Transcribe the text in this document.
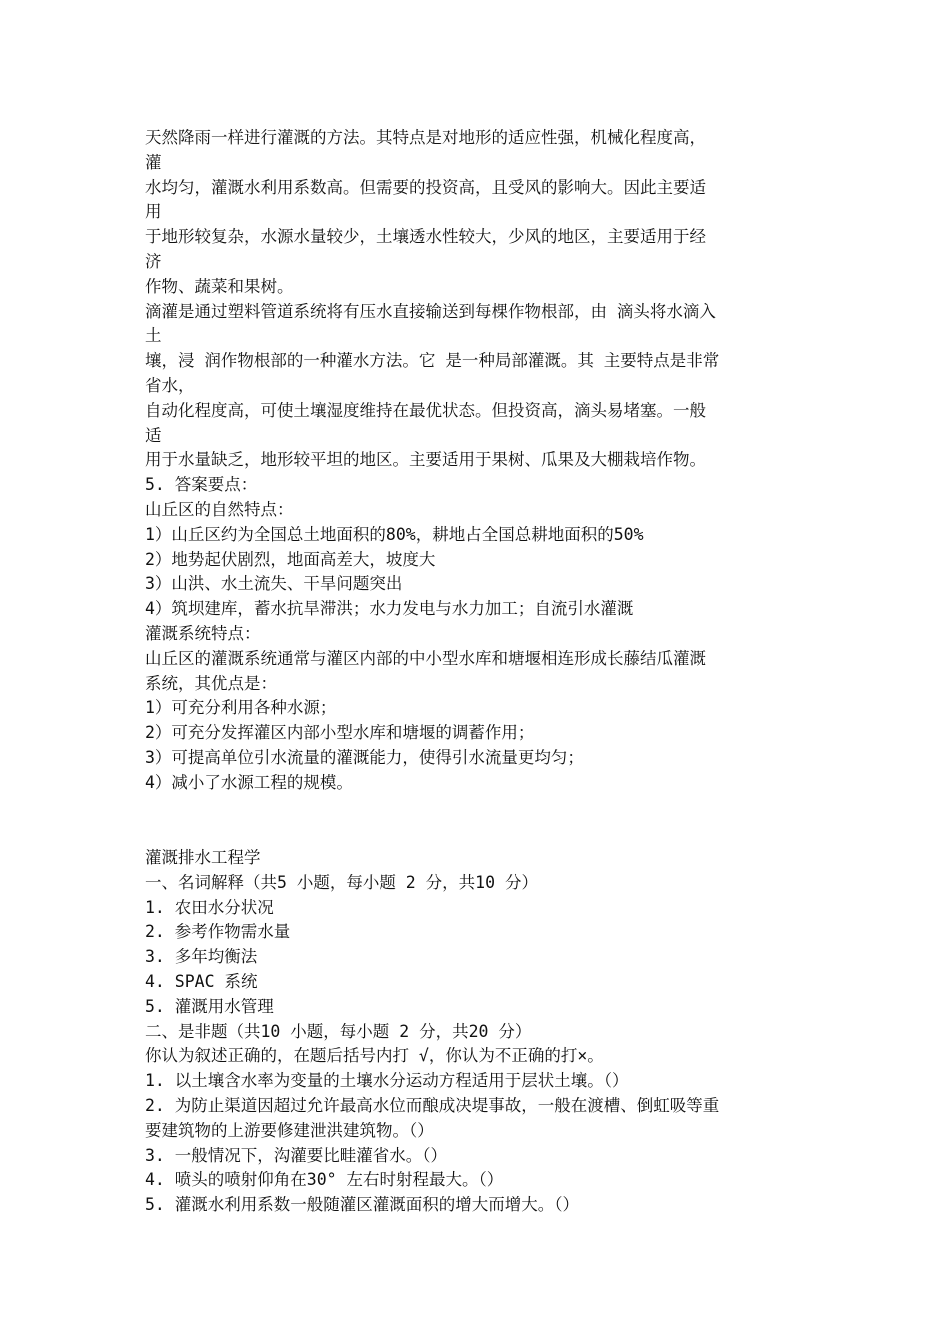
天然降雨一样进行灌溉的方法。其特点是对地形的适应性强，机械化程度高，
灌
水均匀，灌溉水利用系数高。但需要的投资高，且受风的影响大。因此主要适
用
于地形较复杂，水源水量较少，土壤透水性较大，少风的地区，主要适用于经
济
作物、蔬菜和果树。
滴灌是通过塑料管道系统将有压水直接输送到每棵作物根部，由 滴头将水滴入
土
壤，浸 润作物根部的一种灌水方法。它 是一种局部灌溉。其 主要特点是非常
省水，
自动化程度高，可使土壤湿度维持在最优状态。但投资高，滴头易堵塞。一般
适
用于水量缺乏，地形较平坦的地区。主要适用于果树、瓜果及大棚栽培作物。
5. 答案要点：
山丘区的自然特点：
1）山丘区约为全国总土地面积的80%，耕地占全国总耕地面积的50%
2）地势起伏剧烈，地面高差大，坡度大
3）山洪、水土流失、干旱问题突出
4）筑坝建库，蓄水抗旱滞洪；水力发电与水力加工；自流引水灌溉
灌溉系统特点：
山丘区的灌溉系统通常与灌区内部的中小型水库和塘堰相连形成长藤结瓜灌溉
系统，其优点是：
1）可充分利用各种水源；
2）可充分发挥灌区内部小型水库和塘堰的调蓄作用；
3）可提高单位引水流量的灌溉能力，使得引水流量更均匀；
4）减小了水源工程的规模。
灌溉排水工程学
一、名词解释（共5 小题，每小题 2 分，共10 分）
1. 农田水分状况
2. 参考作物需水量
3. 多年均衡法
4. SPAC 系统
5. 灌溉用水管理
二、是非题（共10 小题，每小题 2 分，共20 分）
你认为叙述正确的，在题后括号内打 √，你认为不正确的打×。
1. 以土壤含水率为变量的土壤水分运动方程适用于层状土壤。（）
2. 为防止渠道因超过允许最高水位而酿成决堤事故，一般在渡槽、倒虹吸等重
要建筑物的上游要修建泄洪建筑物。（）
3. 一般情况下，沟灌要比畦灌省水。（）
4. 喷头的喷射仰角在30° 左右时射程最大。（）
5. 灌溉水利用系数一般随灌区灌溉面积的增大而增大。（）
